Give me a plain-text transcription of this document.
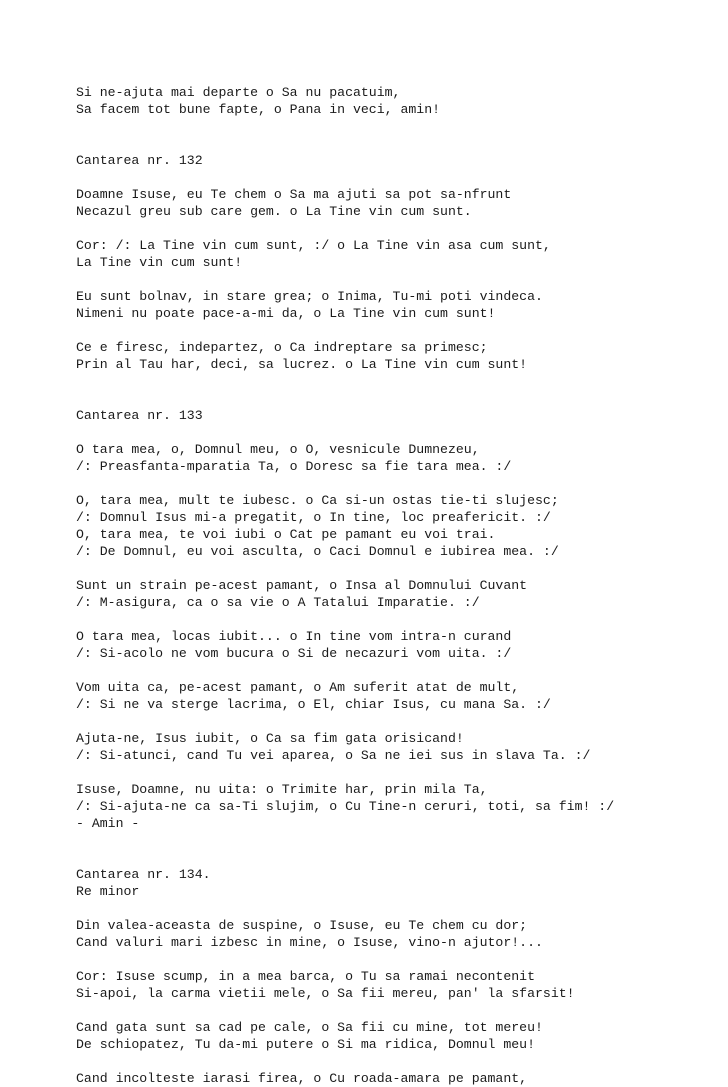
Si ne-ajuta mai departe o Sa nu pacatuim,
Sa facem tot bune fapte, o Pana in veci, amin!
Cantarea nr. 132
Doamne Isuse, eu Te chem o Sa ma ajuti sa pot sa-nfrunt
Necazul greu sub care gem. o La Tine vin cum sunt.
Cor: /: La Tine vin cum sunt, :/ o La Tine vin asa cum sunt,
La Tine vin cum sunt!
Eu sunt bolnav, in stare grea; o Inima, Tu-mi poti vindeca.
Nimeni nu poate pace-a-mi da, o La Tine vin cum sunt!
Ce e firesc, indepartez, o Ca indreptare sa primesc;
Prin al Tau har, deci, sa lucrez. o La Tine vin cum sunt!
Cantarea nr. 133
O tara mea, o, Domnul meu, o O, vesnicule Dumnezeu,
/: Preasfanta-mparatia Ta, o Doresc sa fie tara mea. :/
O, tara mea, mult te iubesc. o Ca si-un ostas tie-ti slujesc;
/: Domnul Isus mi-a pregatit, o In tine, loc preafericit. :/
O, tara mea, te voi iubi o Cat pe pamant eu voi trai.
/: De Domnul, eu voi asculta, o Caci Domnul e iubirea mea. :/
Sunt un strain pe-acest pamant, o Insa al Domnului Cuvant
/: M-asigura, ca o sa vie o A Tatalui Imparatie. :/
O tara mea, locas iubit... o In tine vom intra-n curand
/: Si-acolo ne vom bucura o Si de necazuri vom uita. :/
Vom uita ca, pe-acest pamant, o Am suferit atat de mult,
/: Si ne va sterge lacrima, o El, chiar Isus, cu mana Sa. :/
Ajuta-ne, Isus iubit, o Ca sa fim gata orisicand!
/: Si-atunci, cand Tu vei aparea, o Sa ne iei sus in slava Ta. :/
Isuse, Doamne, nu uita: o Trimite har, prin mila Ta,
/: Si-ajuta-ne ca sa-Ti slujim, o Cu Tine-n ceruri, toti, sa fim! :/
- Amin -
Cantarea nr. 134.
Re minor
Din valea-aceasta de suspine, o Isuse, eu Te chem cu dor;
Cand valuri mari izbesc in mine, o Isuse, vino-n ajutor!...
Cor: Isuse scump, in a mea barca, o Tu sa ramai necontenit
Si-apoi, la carma vietii mele, o Sa fii mereu, pan' la sfarsit!
Cand gata sunt sa cad pe cale, o Sa fii cu mine, tot mereu!
De schiopatez, Tu da-mi putere o Si ma ridica, Domnul meu!
Cand incolteste iarasi firea, o Cu roada-amara pe pamant,
